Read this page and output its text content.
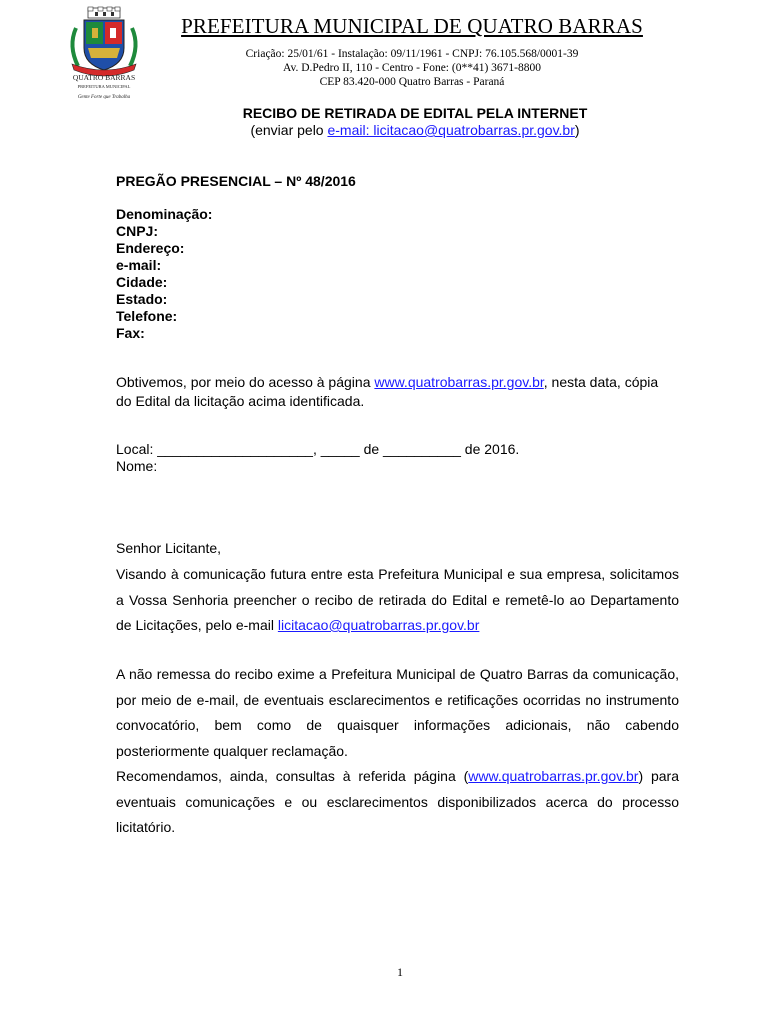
QUATRO BARRAS
PREFEITURA MUNICIPAL
Gente Forte que Trabalha
PREFEITURA MUNICIPAL DE QUATRO BARRAS
Criação: 25/01/61 - Instalação: 09/11/1961 - CNPJ: 76.105.568/0001-39
Av. D.Pedro II, 110 - Centro - Fone: (0**41) 3671-8800
CEP 83.420-000 Quatro Barras - Paraná
RECIBO DE RETIRADA DE EDITAL PELA INTERNET
(enviar pelo e-mail: licitacao@quatrobarras.pr.gov.br)
PREGÃO PRESENCIAL – Nº 48/2016
Denominação:
CNPJ:
Endereço:
e-mail:
Cidade:
Estado:
Telefone:
Fax:
Obtivemos, por meio do acesso à página www.quatrobarras.pr.gov.br, nesta data, cópia do Edital da licitação acima identificada.
Local: ____________________, _____ de __________ de 2016.
Nome:
Senhor Licitante,
Visando à comunicação futura entre esta Prefeitura Municipal e sua empresa, solicitamos a Vossa Senhoria preencher o recibo de retirada do Edital e remetê-lo ao Departamento de Licitações, pelo e-mail licitacao@quatrobarras.pr.gov.br
A não remessa do recibo exime a Prefeitura Municipal de Quatro Barras da comunicação, por meio de e-mail, de eventuais esclarecimentos e retificações ocorridas no instrumento convocatório, bem como de quaisquer informações adicionais, não cabendo posteriormente qualquer reclamação.
Recomendamos, ainda, consultas à referida página (www.quatrobarras.pr.gov.br) para eventuais comunicações e ou esclarecimentos disponibilizados acerca do processo licitatório.
1
